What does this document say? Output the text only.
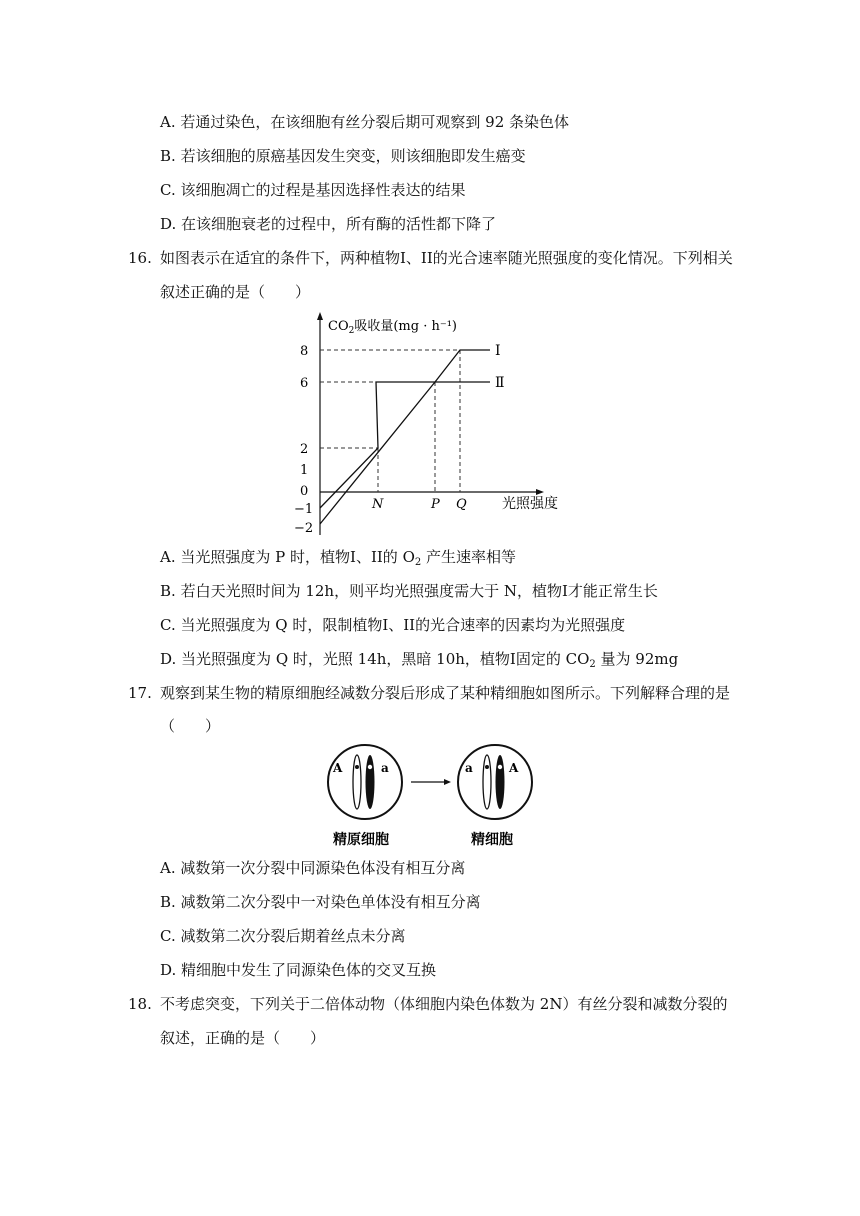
A. 若通过染色，在该细胞有丝分裂后期可观察到 92 条染色体
B. 若该细胞的原癌基因发生突变，则该细胞即发生癌变
C. 该细胞凋亡的过程是基因选择性表达的结果
D. 在该细胞衰老的过程中，所有酶的活性都下降了
16. 如图表示在适宜的条件下，两种植物I、II的光合速率随光照强度的变化情况。下列相关
叙述正确的是（　　）
$CO_2$吸收量(mg · h⁻¹)
光照强度
8
6
2
1
0
−1
−2
N	P Q
I
Ⅱ
A. 当光照强度为 P 时，植物I、II的 $O_2$ 产生速率相等
B. 若白天光照时间为 12h，则平均光照强度需大于 N，植物I才能正常生长
C. 当光照强度为 Q 时，限制植物I、II的光合速率的因素均为光照强度
D. 当光照强度为 Q 时，光照 14h，黑暗 10h，植物I固定的 $CO_2$ 量为 92mg
17. 观察到某生物的精原细胞经减数分裂后形成了某种精细胞如图所示。下列解释合理的是
（　　）
A	a	a	A
精原细胞	精细胞
A. 减数第一次分裂中同源染色体没有相互分离
B. 减数第二次分裂中一对染色单体没有相互分离
C. 减数第二次分裂后期着丝点未分离
D. 精细胞中发生了同源染色体的交叉互换
18. 不考虑突变，下列关于二倍体动物（体细胞内染色体数为 2N）有丝分裂和减数分裂的
叙述，正确的是（　　）
